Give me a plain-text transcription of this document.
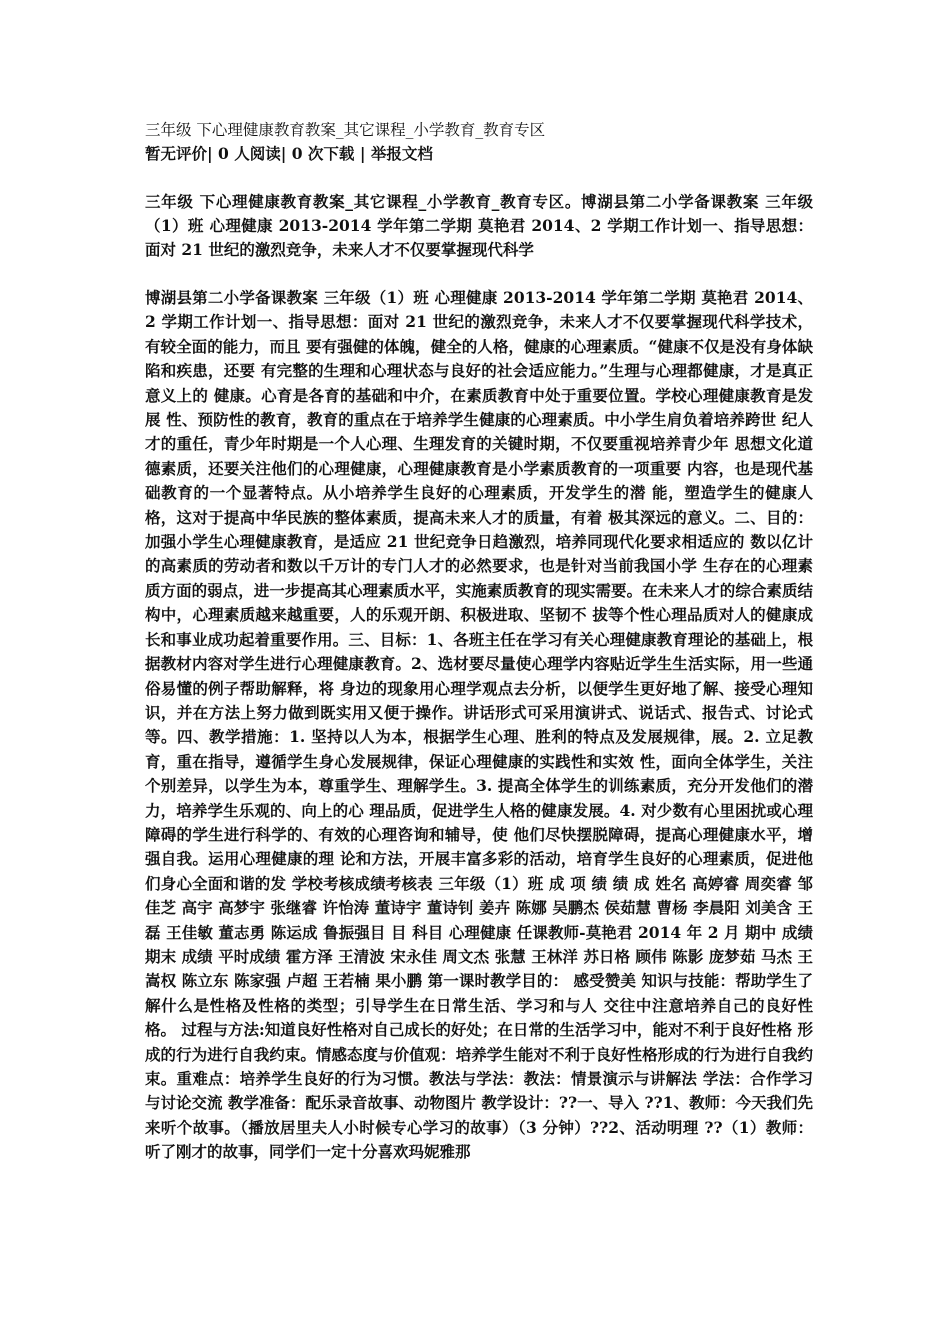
三年级 下心理健康教育教案_其它课程_小学教育_教育专区

暂无评价| 0 人阅读| 0 次下载 | 举报文档

三年级 下心理健康教育教案_其它课程_小学教育_教育专区。博湖县第二小学备课教案 三年级（1）班 心理健康 2013-2014 学年第二学期 莫艳君 2014、2 学期工作计划一、指导思想：面对 21 世纪的激烈竞争，未来人才不仅要掌握现代科学

博湖县第二小学备课教案 三年级（1）班 心理健康 2013-2014 学年第二学期 莫艳君 2014、2 学期工作计划一、指导思想：面对 21 世纪的激烈竞争，未来人才不仅要掌握现代科学技术，有较全面的能力，而且 要有强健的体魄，健全的人格，健康的心理素质。“健康不仅是没有身体缺陷和疾患，还要 有完整的生理和心理状态与良好的社会适应能力。”生理与心理都健康，才是真正意义上的 健康。心育是各育的基础和中介，在素质教育中处于重要位置。学校心理健康教育是发展 性、预防性的教育，教育的重点在于培养学生健康的心理素质。中小学生肩负着培养跨世 纪人才的重任，青少年时期是一个人心理、生理发育的关键时期，不仅要重视培养青少年 思想文化道德素质，还要关注他们的心理健康，心理健康教育是小学素质教育的一项重要 内容，也是现代基础教育的一个显著特点。从小培养学生良好的心理素质，开发学生的潜 能，塑造学生的健康人格，这对于提高中华民族的整体素质，提高未来人才的质量，有着 极其深远的意义。二、目的：加强小学生心理健康教育，是适应 21 世纪竞争日趋激烈，培养同现代化要求相适应的 数以亿计的高素质的劳动者和数以千万计的专门人才的必然要求，也是针对当前我国小学 生存在的心理素质方面的弱点，进一步提高其心理素质水平，实施素质教育的现实需要。在未来人才的综合素质结构中，心理素质越来越重要，人的乐观开朗、积极进取、坚韧不 拔等个性心理品质对人的健康成长和事业成功起着重要作用。三、目标：1、各班主任在学习有关心理健康教育理论的基础上，根据教材内容对学生进行心理健康教育。2、选材要尽量使心理学内容贴近学生生活实际，用一些通俗易懂的例子帮助解释，将 身边的现象用心理学观点去分析，以便学生更好地了解、接受心理知识，并在方法上努力做到既实用又便于操作。讲话形式可采用演讲式、说话式、报告式、讨论式等。四、教学措施：1. 坚持以人为本，根据学生心理、胜利的特点及发展规律，展。2. 立足教育，重在指导，遵循学生身心发展规律，保证心理健康的实践性和实效 性，面向全体学生，关注个别差异，以学生为本，尊重学生、理解学生。3. 提高全体学生的训练素质，充分开发他们的潜力，培养学生乐观的、向上的心 理品质，促进学生人格的健康发展。4. 对少数有心里困扰或心理障碍的学生进行科学的、有效的心理咨询和辅导，使 他们尽快摆脱障碍，提高心理健康水平，增强自我。运用心理健康的理 论和方法，开展丰富多彩的活动，培育学生良好的心理素质，促进他们身心全面和谐的发 学校考核成绩考核表 三年级（1）班 成 项 绩 绩 成 姓名 高婷睿 周奕睿 邹佳芝 高宇 高梦宇 张继睿 许怡涛 董诗宇 董诗钊 姜卉 陈娜 吴鹏杰 侯茹慧 曹杨 李晨阳 刘美含 王磊 王佳敏 董志勇 陈运成 鲁振强目 目 科目 心理健康 任课教师-莫艳君 2014 年 2 月 期中 成绩 期末 成绩 平时成绩 霍方泽 王清波 宋永佳 周文杰 张慧 王林洋 苏日格 顾伟 陈影 庞梦茹 马杰 王嵩权 陈立东 陈家强 卢超 王若楠 果小鹏 第一课时教学目的： 感受赞美 知识与技能：帮助学生了解什么是性格及性格的类型；引导学生在日常生活、学习和与人 交往中注意培养自己的良好性格。 过程与方法:知道良好性格对自己成长的好处；在日常的生活学习中，能对不利于良好性格 形成的行为进行自我约束。情感态度与价值观：培养学生能对不利于良好性格形成的行为进行自我约束。重难点：培养学生良好的行为习惯。教法与学法：教法：情景演示与讲解法 学法：合作学习与讨论交流 教学准备：配乐录音故事、动物图片 教学设计：??一、导入 ??1、教师：今天我们先来听个故事。（播放居里夫人小时候专心学习的故事）（3 分钟）??2、活动明理 ??（1）教师：听了刚才的故事，同学们一定十分喜欢玛妮雅那
